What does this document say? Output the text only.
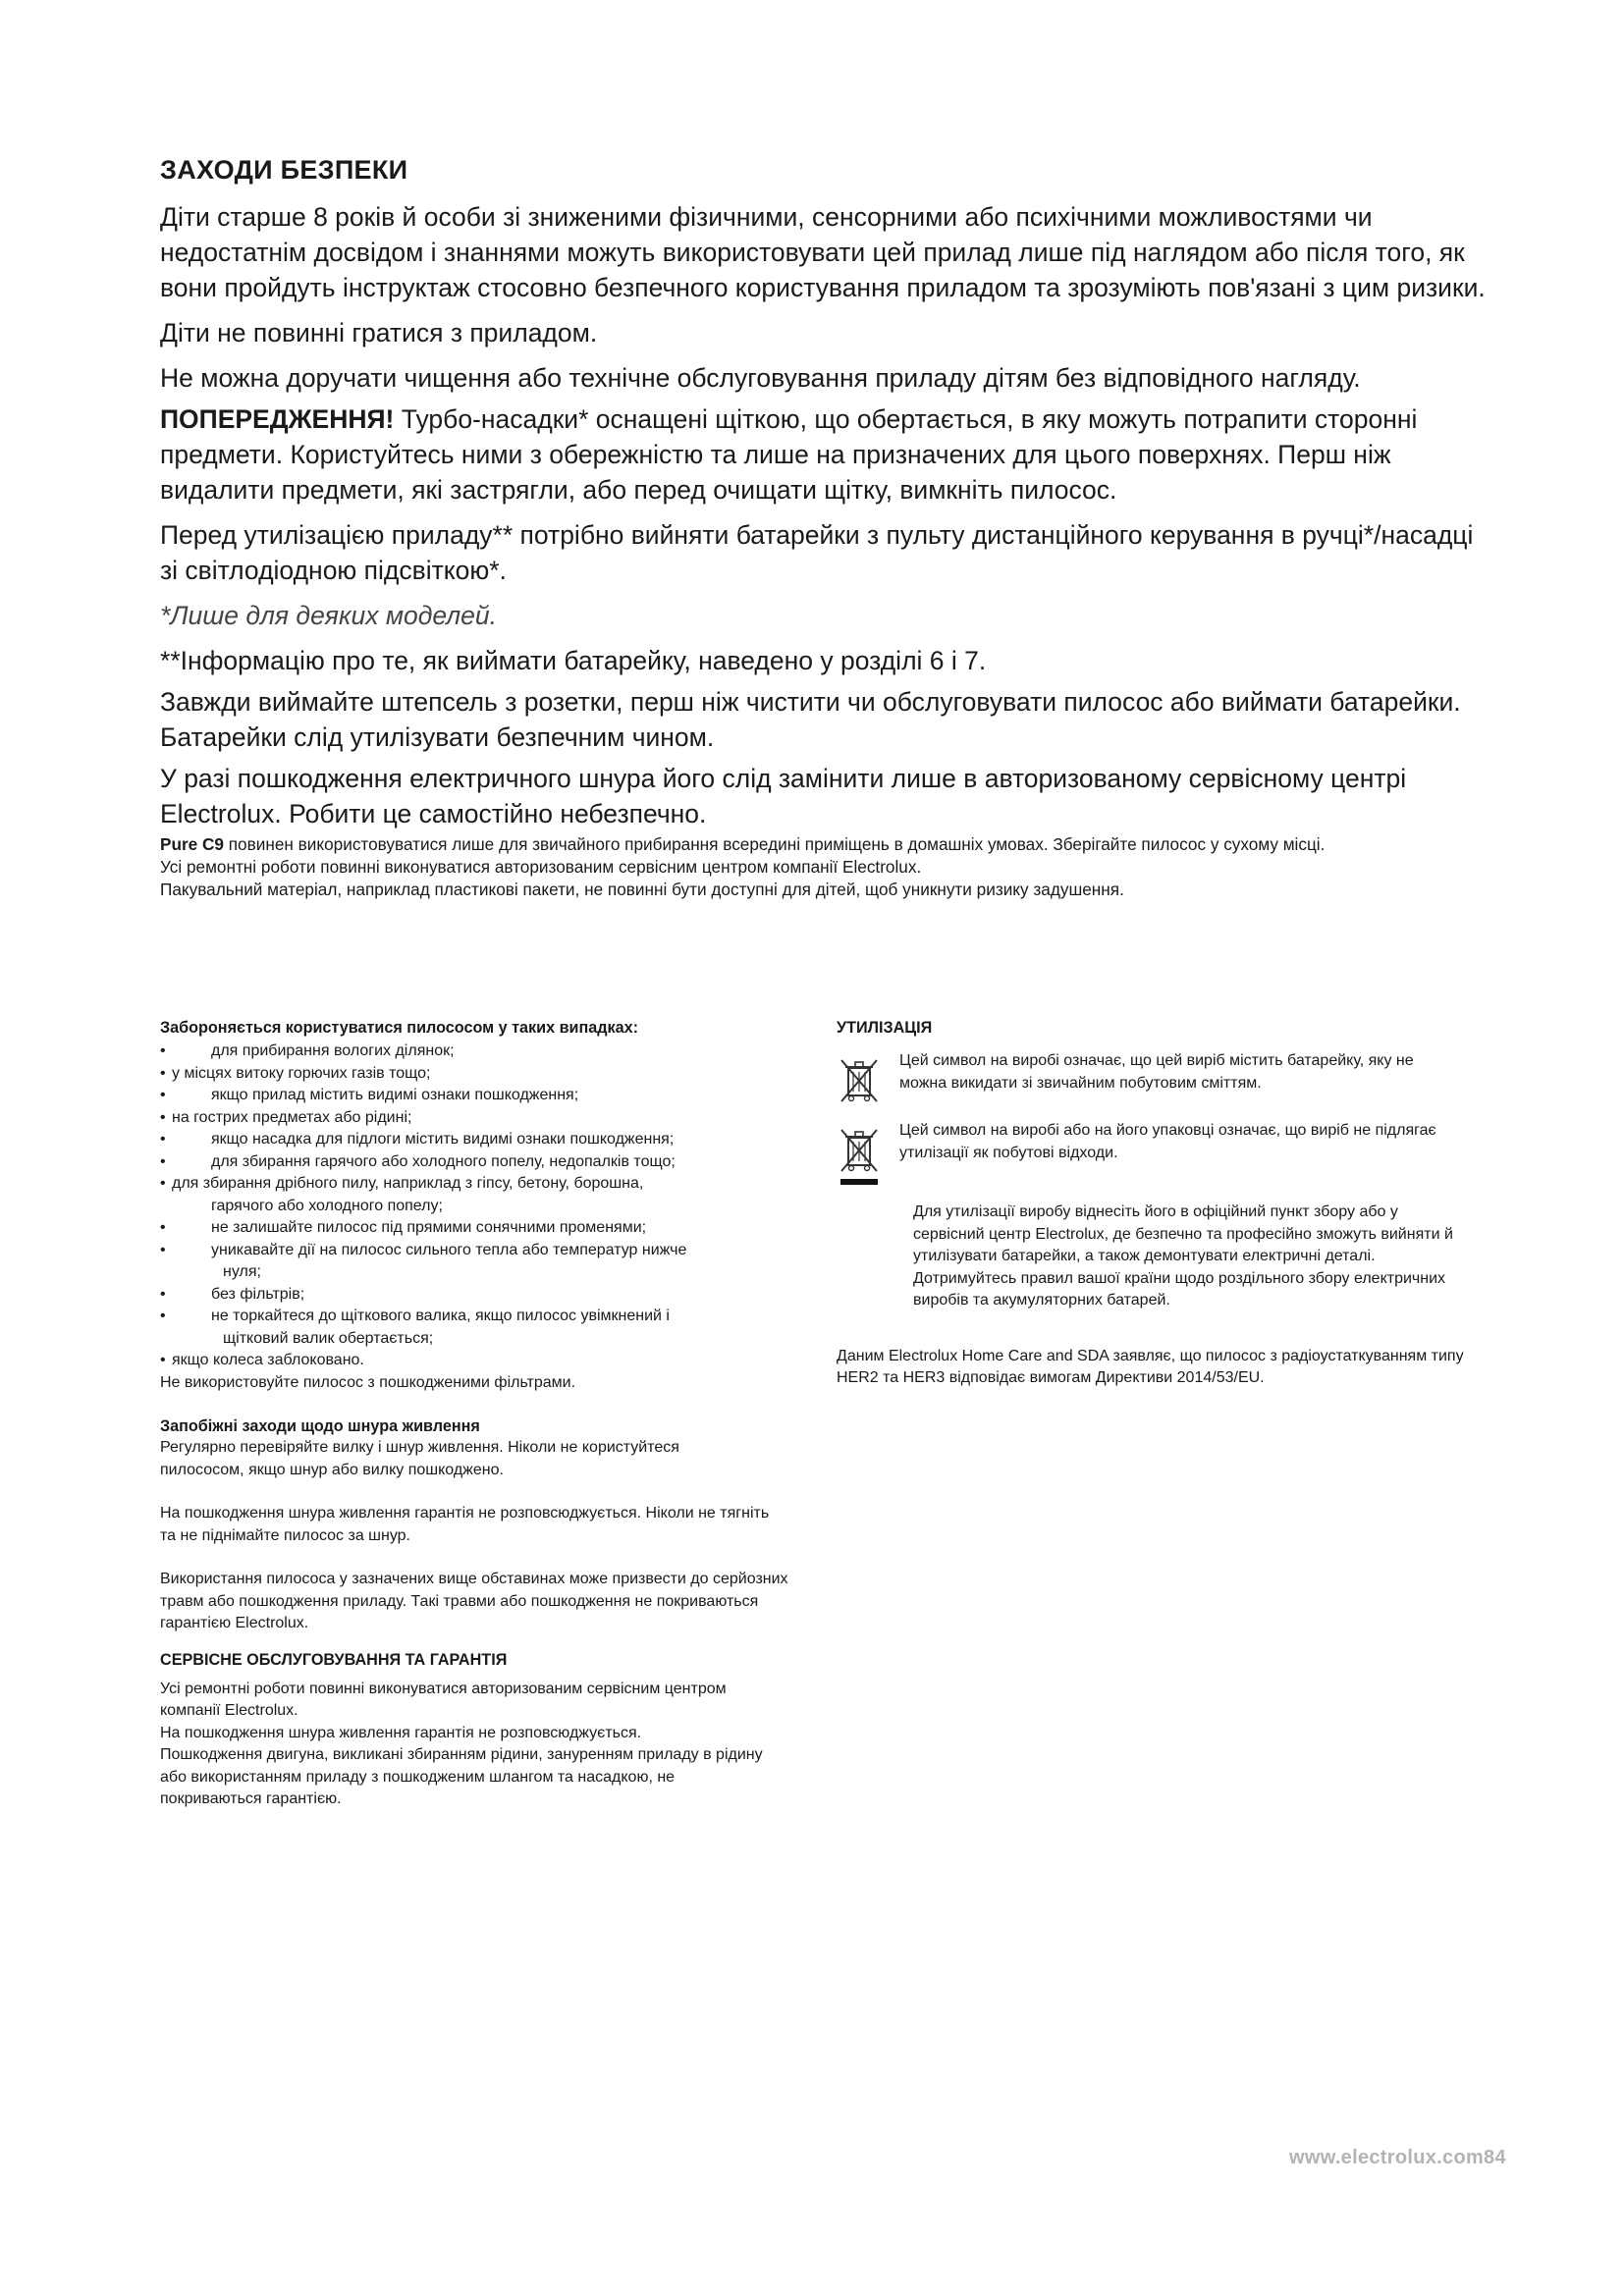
ЗАХОДИ БЕЗПЕКИ

Діти старше 8 років й особи зі зниженими фізичними, сенсорними або психічними можливостями чи недостатнім досвідом і знаннями можуть використовувати цей прилад лише під наглядом або після того, як вони пройдуть інструктаж стосовно безпечного користування приладом та зрозуміють пов'язані з цим ризики.

Діти не повинні гратися з приладом.

Не можна доручати чищення або технічне обслуговування приладу дітям без відповідного нагляду.

ПОПЕРЕДЖЕННЯ! Турбо-насадки* оснащені щіткою, що обертається, в яку можуть потрапити сторонні предмети. Користуйтесь ними з обережністю та лише на призначених для цього поверхнях. Перш ніж видалити предмети, які застрягли, або перед очищати щітку, вимкніть пилосос.

Перед утилізацією приладу** потрібно вийняти батарейки з пульту дистанційного керування в ручці*/насадці зі світлодіодною підсвіткою*.

*Лише для деяких моделей.

**Інформацію про те, як виймати батарейку, наведено у розділі 6 і 7.

Завжди виймайте штепсель з розетки, перш ніж чистити чи обслуговувати пилосос або виймати батарейки. Батарейки слід утилізувати безпечним чином.

У разі пошкодження електричного шнура його слід замінити лише в авторизованому сервісному центрі Electrolux. Робити це самостійно небезпечно.

Pure C9 повинен використовуватися лише для звичайного прибирання всередині приміщень в домашніх умовах. Зберігайте пилосос у сухому місці.

Усі ремонтні роботи повинні виконуватися авторизованим сервісним центром компанії Electrolux.

Пакувальний матеріал, наприклад пластикові пакети, не повинні бути доступні для дітей, щоб уникнути ризику задушення.

Забороняється користуватися пилососом у таких випадках:

•	для прибирання вологих ділянок;
• у місцях витоку горючих газів тощо;
•	якщо прилад містить видимі ознаки пошкодження;
• на гострих предметах або рідині;
•	якщо насадка для підлоги містить видимі ознаки пошкодження;
•	для збирання гарячого або холодного попелу, недопалків тощо;
• для збирання дрібного пилу, наприклад з гіпсу, бетону, борошна,
гарячого або холодного попелу;
•	не залишайте пилосос під прямими сонячними променями;
•	уникавайте дії на пилосос сильного тепла або температур нижче
нуля;
•	без фільтрів;
•	не торкайтеся до щіткового валика, якщо пилосос увімкнений і
щітковий валик обертається;
• якщо колеса заблоковано.

Не використовуйте пилосос з пошкодженими фільтрами.

Запобіжні заходи щодо шнура живлення

Регулярно перевіряйте вилку і шнур живлення. Ніколи не користуйтеся пилососом, якщо шнур або вилку пошкоджено.

На пошкодження шнура живлення гарантія не розповсюджується. Ніколи не тягніть та не піднімайте пилосос за шнур.

Використання пилососа у зазначених вище обставинах може призвести до серйозних травм або пошкодження приладу. Такі травми або пошкодження не покриваються гарантією Electrolux.

СЕРВІСНЕ ОБСЛУГОВУВАННЯ ТА ГАРАНТІЯ

Усі ремонтні роботи повинні виконуватися авторизованим сервісним центром компанії Electrolux.

На пошкодження шнура живлення гарантія не розповсюджується.

Пошкодження двигуна, викликані збиранням рідини, зануренням приладу в рідину або використанням приладу з пошкодженим шлангом та насадкою, не покриваються гарантією.

УТИЛІЗАЦІЯ

Цей символ на виробі означає, що цей виріб містить батарейку, яку не можна викидати зі звичайним побутовим сміттям.
Цей символ на виробі або на його упаковці означає, що виріб не підлягає утилізації як побутові відходи.

Для утилізації виробу віднесіть його в офіційний пункт збору або у сервісний центр Electrolux, де безпечно та професійно зможуть вийняти й утилізувати батарейки, а також демонтувати електричні деталі. Дотримуйтесь правил вашої країни щодо роздільного збору електричних виробів та акумуляторних батарей.

Даним Electrolux Home Care and SDA заявляє, що пилосос з радіоустаткуванням типу HER2 та HER3 відповідає вимогам Директиви 2014/53/EU.

www.electrolux.com84
